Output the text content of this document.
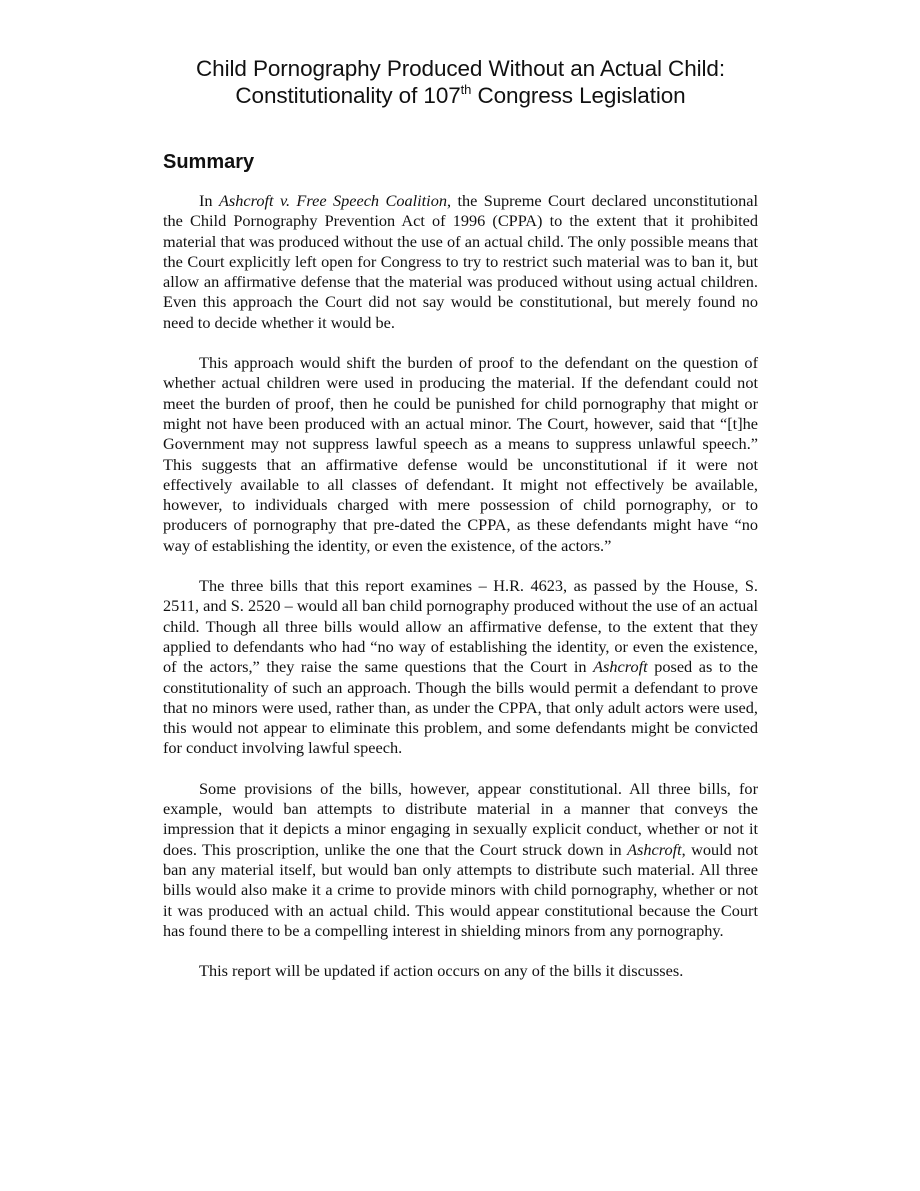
Child Pornography Produced Without an Actual Child:
Constitutionality of 107th Congress Legislation
Summary

In Ashcroft v. Free Speech Coalition, the Supreme Court declared unconstitutional the Child Pornography Prevention Act of 1996 (CPPA) to the extent that it prohibited material that was produced without the use of an actual child. The only possible means that the Court explicitly left open for Congress to try to restrict such material was to ban it, but allow an affirmative defense that the material was produced without using actual children. Even this approach the Court did not say would be constitutional, but merely found no need to decide whether it would be.

This approach would shift the burden of proof to the defendant on the question of whether actual children were used in producing the material. If the defendant could not meet the burden of proof, then he could be punished for child pornography that might or might not have been produced with an actual minor. The Court, however, said that “[t]he Government may not suppress lawful speech as a means to suppress unlawful speech.” This suggests that an affirmative defense would be unconstitutional if it were not effectively available to all classes of defendant. It might not effectively be available, however, to individuals charged with mere possession of child pornography, or to producers of pornography that pre-dated the CPPA, as these defendants might have “no way of establishing the identity, or even the existence, of the actors.”

The three bills that this report examines – H.R. 4623, as passed by the House, S. 2511, and S. 2520 – would all ban child pornography produced without the use of an actual child. Though all three bills would allow an affirmative defense, to the extent that they applied to defendants who had “no way of establishing the identity, or even the existence, of the actors,” they raise the same questions that the Court in Ashcroft posed as to the constitutionality of such an approach. Though the bills would permit a defendant to prove that no minors were used, rather than, as under the CPPA, that only adult actors were used, this would not appear to eliminate this problem, and some defendants might be convicted for conduct involving lawful speech.

Some provisions of the bills, however, appear constitutional. All three bills, for example, would ban attempts to distribute material in a manner that conveys the impression that it depicts a minor engaging in sexually explicit conduct, whether or not it does. This proscription, unlike the one that the Court struck down in Ashcroft, would not ban any material itself, but would ban only attempts to distribute such material. All three bills would also make it a crime to provide minors with child pornography, whether or not it was produced with an actual child. This would appear constitutional because the Court has found there to be a compelling interest in shielding minors from any pornography.

This report will be updated if action occurs on any of the bills it discusses.
